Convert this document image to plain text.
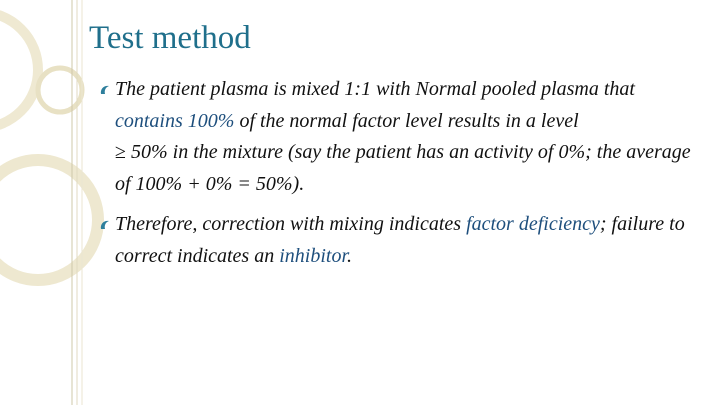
Test method
The patient plasma is mixed 1:1 with Normal pooled plasma that contains 100% of the normal factor level results in a level
≥ 50% in the mixture (say the patient has an activity of 0%; the average of 100% + 0% = 50%).
Therefore, correction with mixing indicates factor deficiency; failure to correct indicates an inhibitor.
